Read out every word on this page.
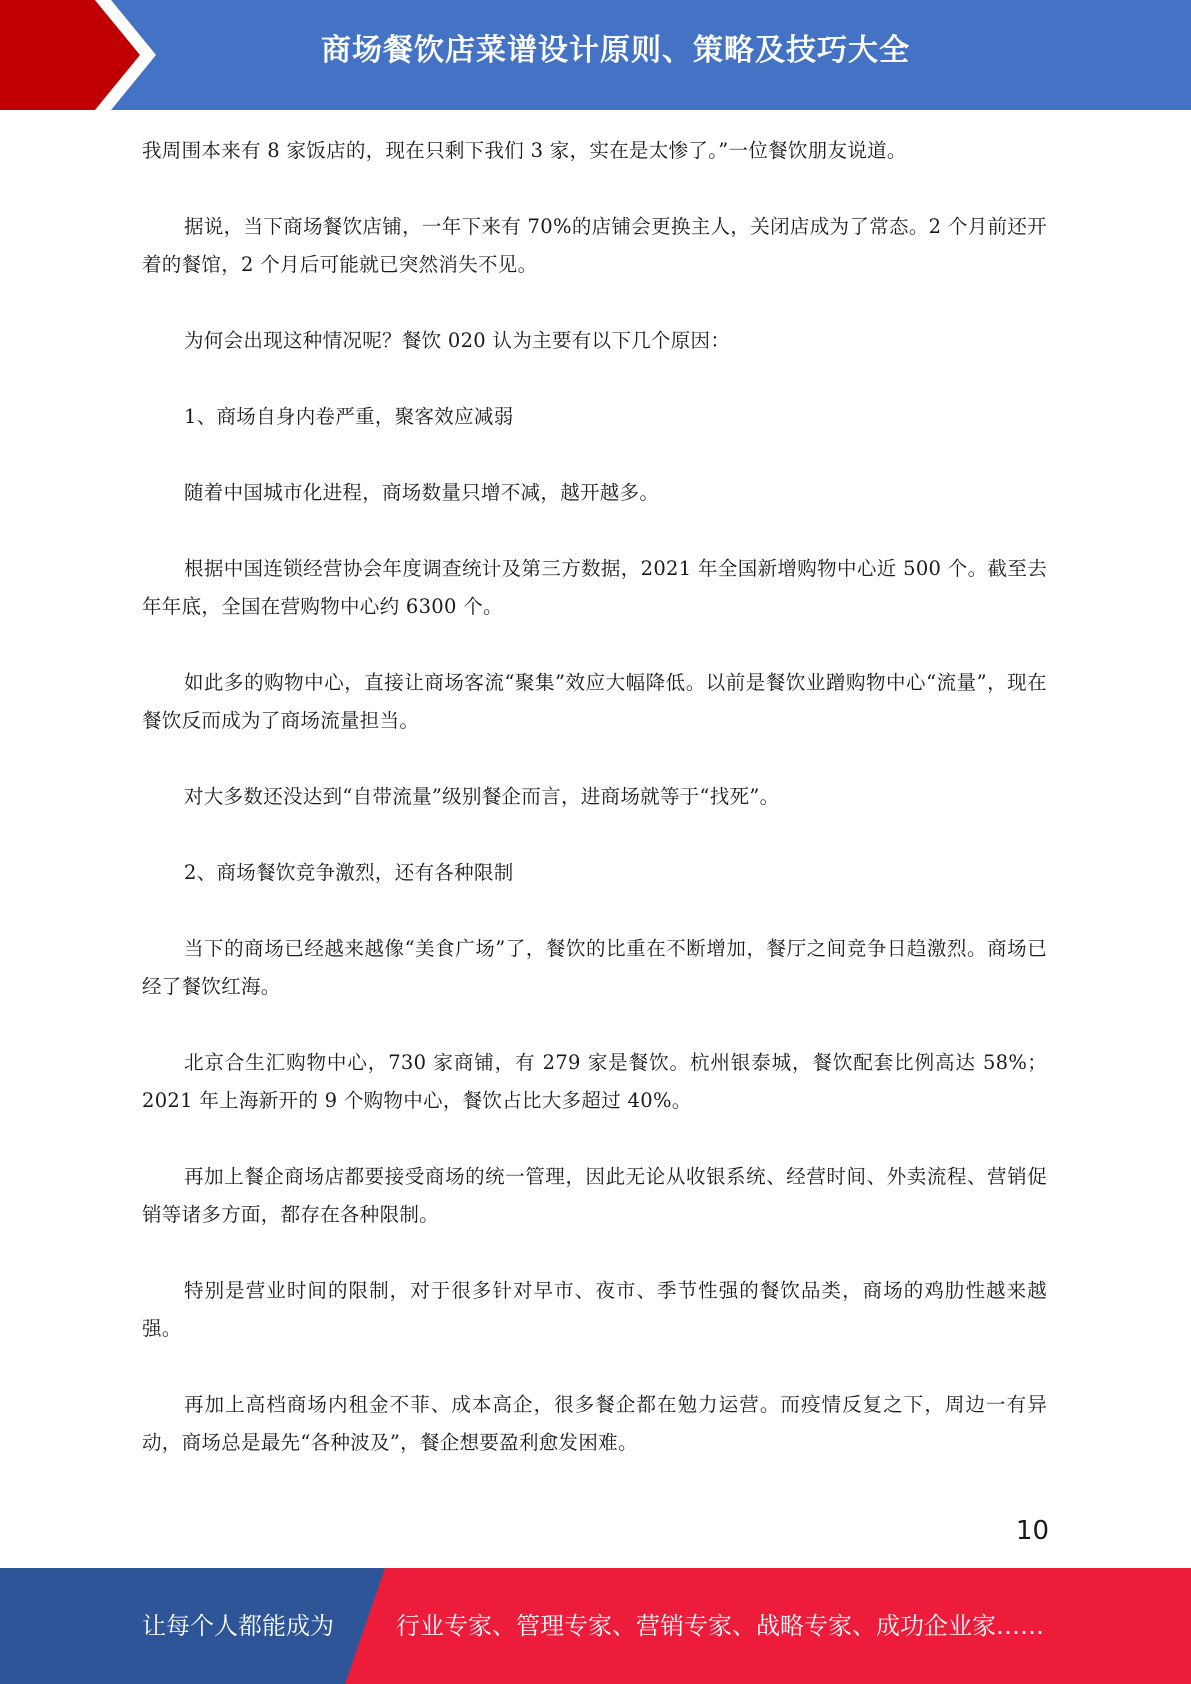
商场餐饮店菜谱设计原则、策略及技巧大全

我周围本来有 8 家饭店的，现在只剩下我们 3 家，实在是太惨了。”一位餐饮朋友说道。

据说，当下商场餐饮店铺，一年下来有 70%的店铺会更换主人，关闭店成为了常态。2 个月前还开着的餐馆，2 个月后可能就已突然消失不见。

为何会出现这种情况呢？餐饮 020 认为主要有以下几个原因：

1、商场自身内卷严重，聚客效应减弱

随着中国城市化进程，商场数量只增不减，越开越多。

根据中国连锁经营协会年度调查统计及第三方数据，2021 年全国新增购物中心近 500 个。截至去年年底，全国在营购物中心约 6300 个。

如此多的购物中心，直接让商场客流“聚集”效应大幅降低。以前是餐饮业蹭购物中心“流量”，现在餐饮反而成为了商场流量担当。

对大多数还没达到“自带流量”级别餐企而言，进商场就等于“找死”。

2、商场餐饮竞争激烈，还有各种限制

当下的商场已经越来越像“美食广场”了，餐饮的比重在不断增加，餐厅之间竞争日趋激烈。商场已经了餐饮红海。

北京合生汇购物中心，730 家商铺，有 279 家是餐饮。杭州银泰城，餐饮配套比例高达 58%；2021 年上海新开的 9 个购物中心，餐饮占比大多超过 40%。

再加上餐企商场店都要接受商场的统一管理，因此无论从收银系统、经营时间、外卖流程、营销促销等诸多方面，都存在各种限制。

特别是营业时间的限制，对于很多针对早市、夜市、季节性强的餐饮品类，商场的鸡肋性越来越强。

再加上高档商场内租金不菲、成本高企，很多餐企都在勉力运营。而疫情反复之下，周边一有异动，商场总是最先“各种波及”，餐企想要盈利愈发困难。

10
让每个人都能成为	行业专家、管理专家、营销专家、战略专家、成功企业家……
